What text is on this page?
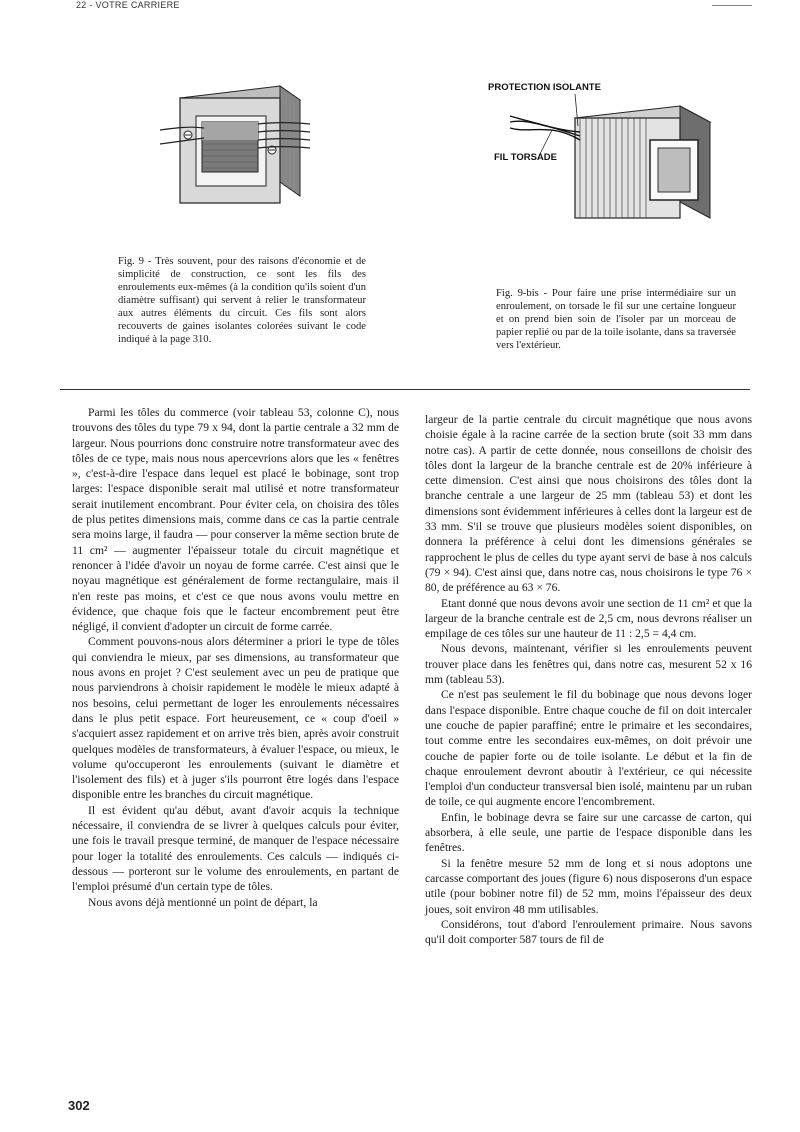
22 - VOTRE CARRIERE
PROTECTION ISOLANTE
FIL TORSADE
Fig. 9 - Très souvent, pour des raisons d'économie et de simplicité de construction, ce sont les fils des enroulements eux-mêmes (à la condition qu'ils soient d'un diamètre suffisant) qui servent à relier le transformateur aux autres éléments du circuit. Ces fils sont alors recouverts de gaines isolantes colorées suivant le code indiqué à la page 310.
Fig. 9-bis - Pour faire une prise intermédiaire sur un enroulement, on torsade le fil sur une certaine longueur et on prend bien soin de l'isoler par un morceau de papier replié ou par de la toile isolante, dans sa traversée vers l'extérieur.

Parmi les tôles du commerce (voir tableau 53, colonne C), nous trouvons des tôles du type 79 x 94, dont la partie centrale a 32 mm de largeur. Nous pourrions donc construire notre transformateur avec des tôles de ce type, mais nous nous apercevrions alors que les « fenêtres », c'est-à-dire l'espace dans lequel est placé le bobinage, sont trop larges: l'espace disponible serait mal utilisé et notre transformateur serait inutilement encombrant. Pour éviter cela, on choisira des tôles de plus petites dimensions mais, comme dans ce cas la partie centrale sera moins large, il faudra — pour conserver la même section brute de 11 cm² — augmenter l'épaisseur totale du circuit magnétique et renoncer à l'idée d'avoir un noyau de forme carrée. C'est ainsi que le noyau magnétique est généralement de forme rectangulaire, mais il n'en reste pas moins, et c'est ce que nous avons voulu mettre en évidence, que chaque fois que le facteur encombrement peut être négligé, il convient d'adopter un circuit de forme carrée.

Comment pouvons-nous alors déterminer a priori le type de tôles qui conviendra le mieux, par ses dimensions, au transformateur que nous avons en projet ? C'est seulement avec un peu de pratique que nous parviendrons à choisir rapidement le modèle le mieux adapté à nos besoins, celui permettant de loger les enroulements nécessaires dans le plus petit espace. Fort heureusement, ce « coup d'oeil » s'acquiert assez rapidement et on arrive très bien, après avoir construit quelques modèles de transformateurs, à évaluer l'espace, ou mieux, le volume qu'occuperont les enroulements (suivant le diamètre et l'isolement des fils) et à juger s'ils pourront être logés dans l'espace disponible entre les branches du circuit magnétique.

Il est évident qu'au début, avant d'avoir acquis la technique nécessaire, il conviendra de se livrer à quelques calculs pour éviter, une fois le travail presque terminé, de manquer de l'espace nécessaire pour loger la totalité des enroulements. Ces calculs — indiqués ci-dessous — porteront sur le volume des enroulements, en partant de l'emploi présumé d'un certain type de tôles.

Nous avons déjà mentionné un point de départ, la

largeur de la partie centrale du circuit magnétique que nous avons choisie égale à la racine carrée de la section brute (soit 33 mm dans notre cas). A partir de cette donnée, nous conseillons de choisir des tôles dont la largeur de la branche centrale est de 20% inférieure à cette dimension. C'est ainsi que nous choisirons des tôles dont la branche centrale a une largeur de 25 mm (tableau 53) et dont les dimensions sont évidemment inférieures à celles dont la largeur est de 33 mm. S'il se trouve que plusieurs modèles soient disponibles, on donnera la préférence à celui dont les dimensions générales se rapprochent le plus de celles du type ayant servi de base à nos calculs (79 × 94). C'est ainsi que, dans notre cas, nous choisirons le type 76 × 80, de préférence au 63 × 76.

Etant donné que nous devons avoir une section de 11 cm² et que la largeur de la branche centrale est de 2,5 cm, nous devrons réaliser un empilage de ces tôles sur une hauteur de 11 : 2,5 = 4,4 cm.

Nous devons, maintenant, vérifier si les enroulements peuvent trouver place dans les fenêtres qui, dans notre cas, mesurent 52 x 16 mm (tableau 53).

Ce n'est pas seulement le fil du bobinage que nous devons loger dans l'espace disponible. Entre chaque couche de fil on doit intercaler une couche de papier paraffiné; entre le primaire et les secondaires, tout comme entre les secondaires eux-mêmes, on doit prévoir une couche de papier forte ou de toile isolante. Le début et la fin de chaque enroulement devront aboutir à l'extérieur, ce qui nécessite l'emploi d'un conducteur transversal bien isolé, maintenu par un ruban de toile, ce qui augmente encore l'encombrement.

Enfin, le bobinage devra se faire sur une carcasse de carton, qui absorbera, à elle seule, une partie de l'espace disponible dans les fenêtres.

Si la fenêtre mesure 52 mm de long et si nous adoptons une carcasse comportant des joues (figure 6) nous disposerons d'un espace utile (pour bobiner notre fil) de 52 mm, moins l'épaisseur des deux joues, soit environ 48 mm utilisables.

Considérons, tout d'abord l'enroulement primaire. Nous savons qu'il doit comporter 587 tours de fil de

302
